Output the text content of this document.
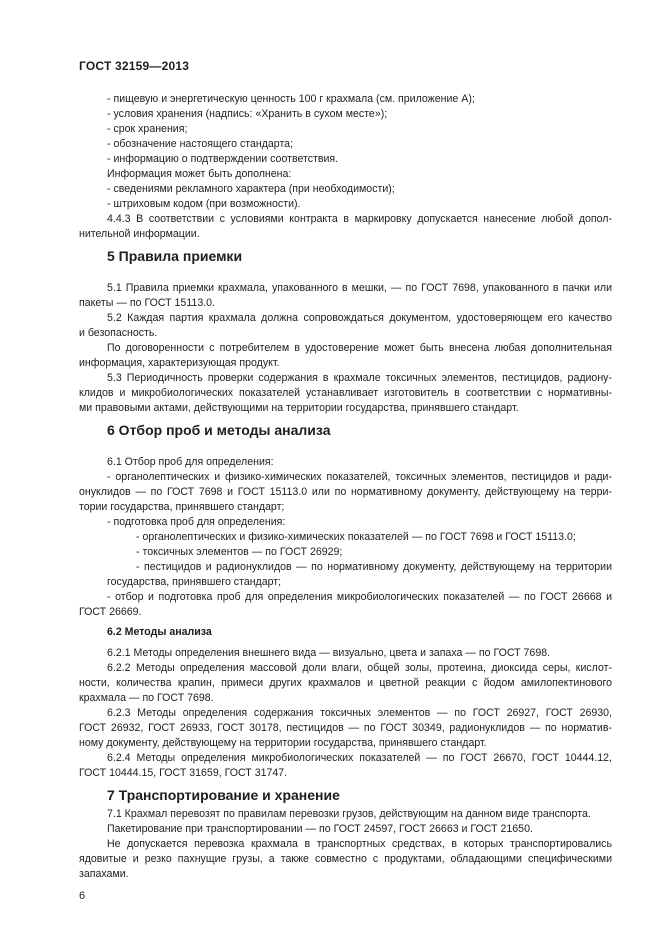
ГОСТ 32159—2013
- пищевую и энергетическую ценность 100 г крахмала (см. приложение А);
- условия хранения (надпись: «Хранить в сухом месте»);
- срок хранения;
- обозначение настоящего стандарта;
- информацию о подтверждении соответствия.
Информация может быть дополнена:
- сведениями рекламного характера (при необходимости);
- штриховым кодом (при возможности).
4.4.3 В соответствии с условиями контракта в маркировку допускается нанесение любой допол-
нительной информации.
5 Правила приемки
5.1 Правила приемки крахмала, упакованного в мешки, — по ГОСТ 7698, упакованного в пачки или
пакеты — по ГОСТ 15113.0.
5.2 Каждая партия крахмала должна сопровождаться документом, удостоверяющем его качество
и безопасность.
По договоренности с потребителем в удостоверение может быть внесена любая дополнительная
информация, характеризующая продукт.
5.3 Периодичность проверки содержания в крахмале токсичных элементов, пестицидов, радиону-
клидов и микробиологических показателей устанавливает изготовитель в соответствии с нормативны-
ми правовыми актами, действующими на территории государства, принявшего стандарт.
6 Отбор проб и методы анализа
6.1 Отбор проб для определения:
- органолептических и физико-химических показателей, токсичных элементов, пестицидов и ради-
онуклидов — по ГОСТ 7698 и ГОСТ 15113.0 или по нормативному документу, действующему на терри-
тории государства, принявшего стандарт;
- подготовка проб для определения:
- органолептических и физико-химических показателей — по ГОСТ 7698 и ГОСТ 15113.0;
- токсичных элементов — по ГОСТ 26929;
- пестицидов и радионуклидов — по нормативному документу, действующему на территории
государства, принявшего стандарт;
- отбор и подготовка проб для определения микробиологических показателей — по ГОСТ 26668 и
ГОСТ 26669.
6.2 Методы анализа
6.2.1 Методы определения внешнего вида — визуально, цвета и запаха — по ГОСТ 7698.
6.2.2 Методы определения массовой доли влаги, общей золы, протеина, диоксида серы, кислот-
ности, количества крапин, примеси других крахмалов и цветной реакции с йодом амилопектинового
крахмала — по ГОСТ 7698.
6.2.3 Методы определения содержания токсичных элементов — по ГОСТ 26927, ГОСТ 26930,
ГОСТ 26932, ГОСТ 26933, ГОСТ 30178, пестицидов — по ГОСТ 30349, радионуклидов — по норматив-
ному документу, действующему на территории государства, принявшего стандарт.
6.2.4 Методы определения микробиологических показателей — по ГОСТ 26670, ГОСТ 10444.12,
ГОСТ 10444.15, ГОСТ 31659, ГОСТ 31747.
7 Транспортирование и хранение
7.1 Крахмал перевозят по правилам перевозки грузов, действующим на данном виде транспорта.
Пакетирование при транспортировании — по ГОСТ 24597, ГОСТ 26663 и ГОСТ 21650.
Не допускается перевозка крахмала в транспортных средствах, в которых транспортировались
ядовитые и резко пахнущие грузы, а также совместно с продуктами, обладающими специфическими
запахами.
6
